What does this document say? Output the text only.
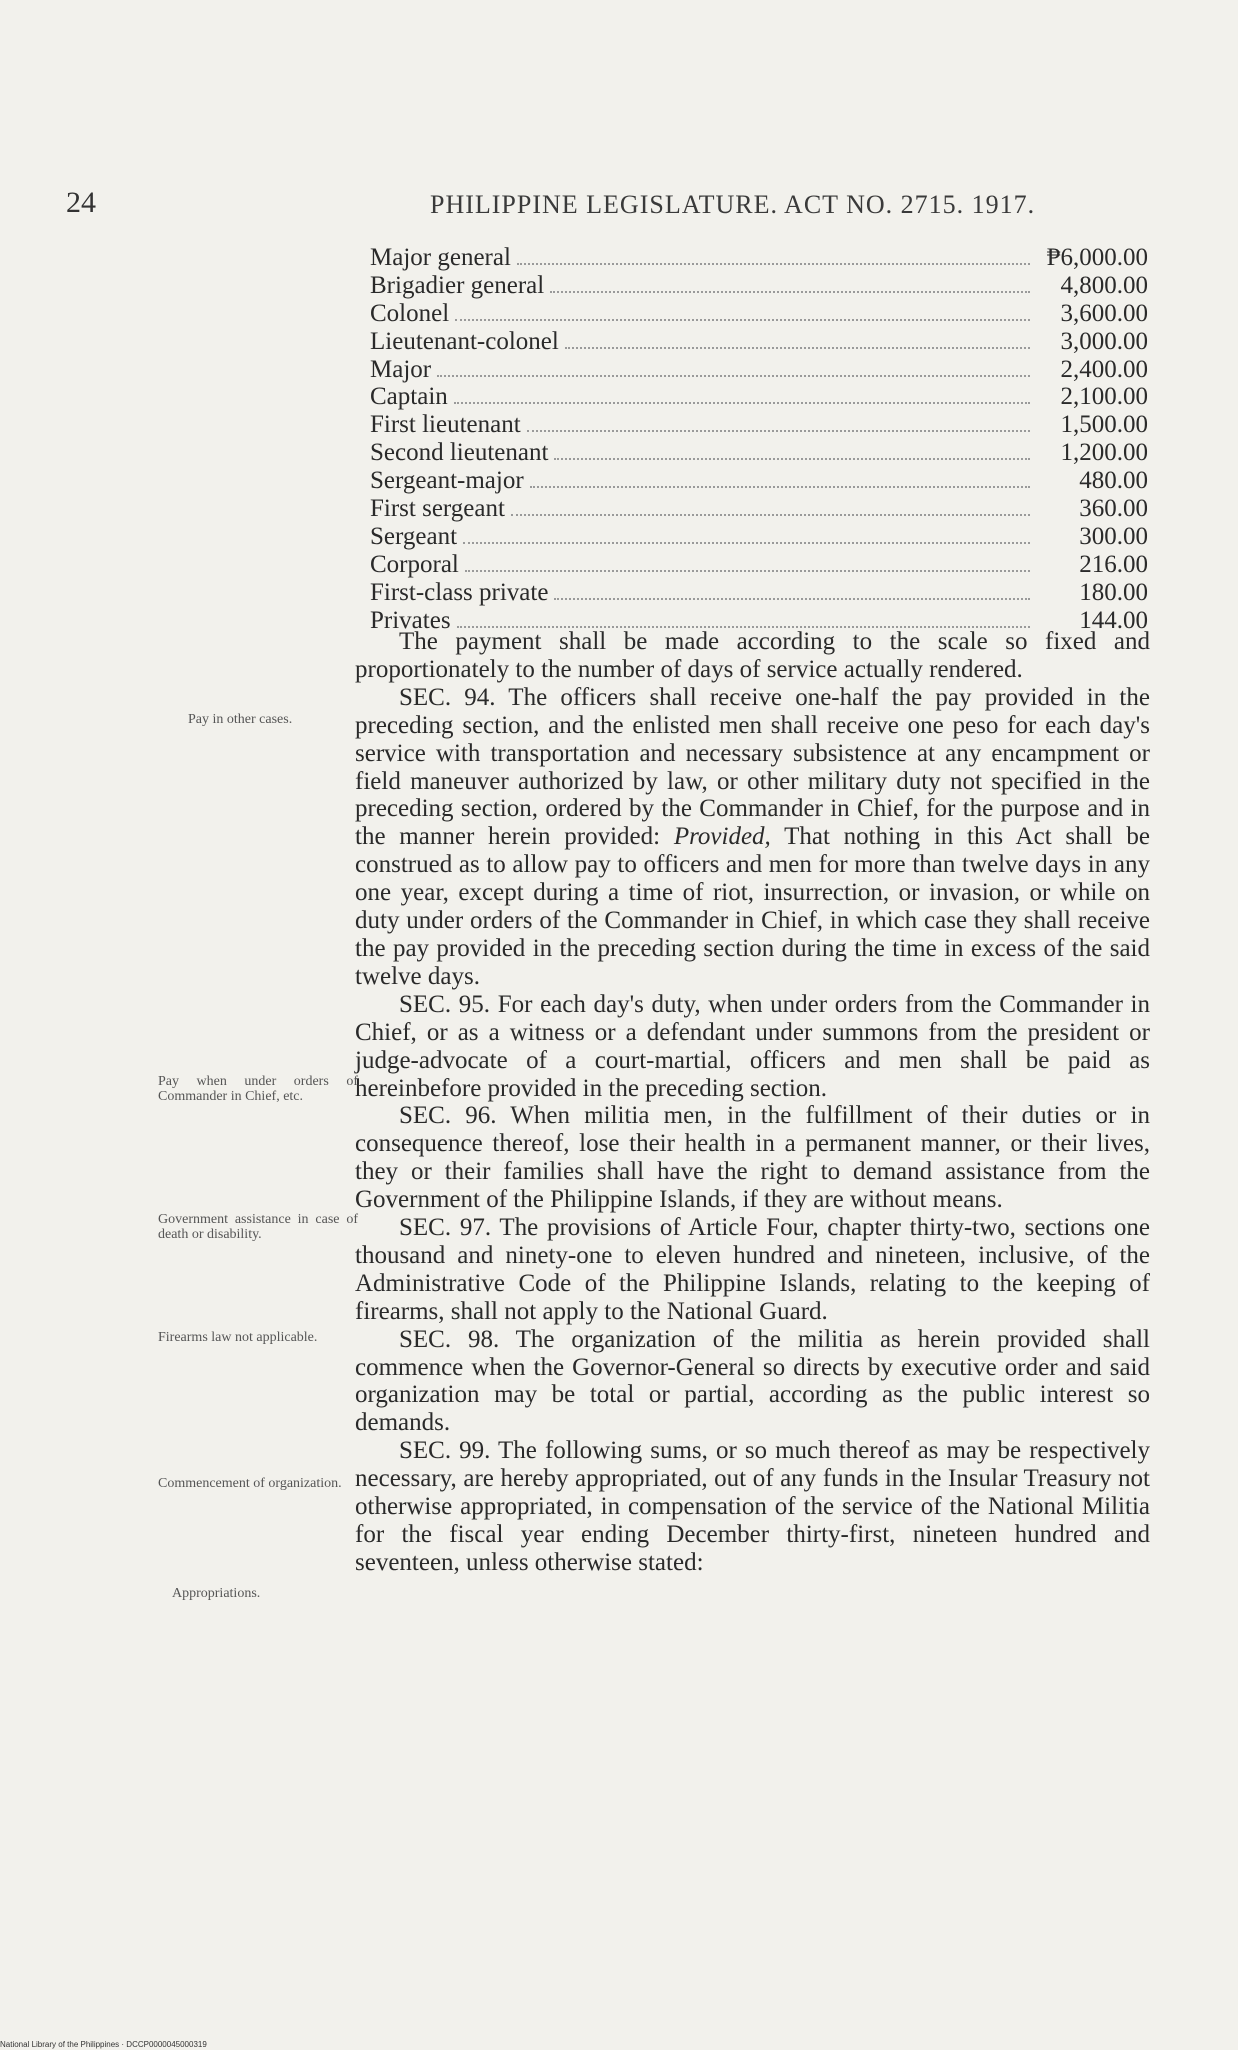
24	PHILIPPINE LEGISLATURE. ACT NO. 2715. 1917.
Major general	₱6,000.00
Brigadier general	4,800.00
Colonel	3,600.00
Lieutenant-colonel	3,000.00
Major	2,400.00
Captain	2,100.00
First lieutenant	1,500.00
Second lieutenant	1,200.00
Sergeant-major	480.00
First sergeant	360.00
Sergeant	300.00
Corporal	216.00
First-class private	180.00
Privates	144.00

The payment shall be made according to the scale so fixed and proportionately to the number of days of service actually rendered.

SEC. 94. The officers shall receive one-half the pay provided in the preceding section, and the enlisted men shall receive one peso for each day's service with transportation and necessary subsistence at any encampment or field maneuver authorized by law, or other military duty not specified in the preceding section, ordered by the Commander in Chief, for the purpose and in the manner herein provided: Provided, That nothing in this Act shall be construed as to allow pay to officers and men for more than twelve days in any one year, except during a time of riot, insurrection, or invasion, or while on duty under orders of the Commander in Chief, in which case they shall receive the pay provided in the preceding section during the time in excess of the said twelve days.

SEC. 95. For each day's duty, when under orders from the Commander in Chief, or as a witness or a defendant under summons from the president or judge-advocate of a court-martial, officers and men shall be paid as hereinbefore provided in the preceding section.

SEC. 96. When militia men, in the fulfillment of their duties or in consequence thereof, lose their health in a permanent manner, or their lives, they or their families shall have the right to demand assistance from the Government of the Philippine Islands, if they are without means.

SEC. 97. The provisions of Article Four, chapter thirty-two, sections one thousand and ninety-one to eleven hundred and nineteen, inclusive, of the Administrative Code of the Philippine Islands, relating to the keeping of firearms, shall not apply to the National Guard.

SEC. 98. The organization of the militia as herein provided shall commence when the Governor-General so directs by executive order and said organization may be total or partial, according as the public interest so demands.

SEC. 99. The following sums, or so much thereof as may be respectively necessary, are hereby appropriated, out of any funds in the Insular Treasury not otherwise appropriated, in compensation of the service of the National Militia for the fiscal year ending December thirty-first, nineteen hundred and seventeen, unless otherwise stated:

Pay in other cases.
Pay when under orders of Commander in Chief, etc.
Government assistance in case of death or disability.
Firearms law not applicable.
Commencement of organization.
Appropriations.
National Library of the Philippines · DCCP0000045000319
